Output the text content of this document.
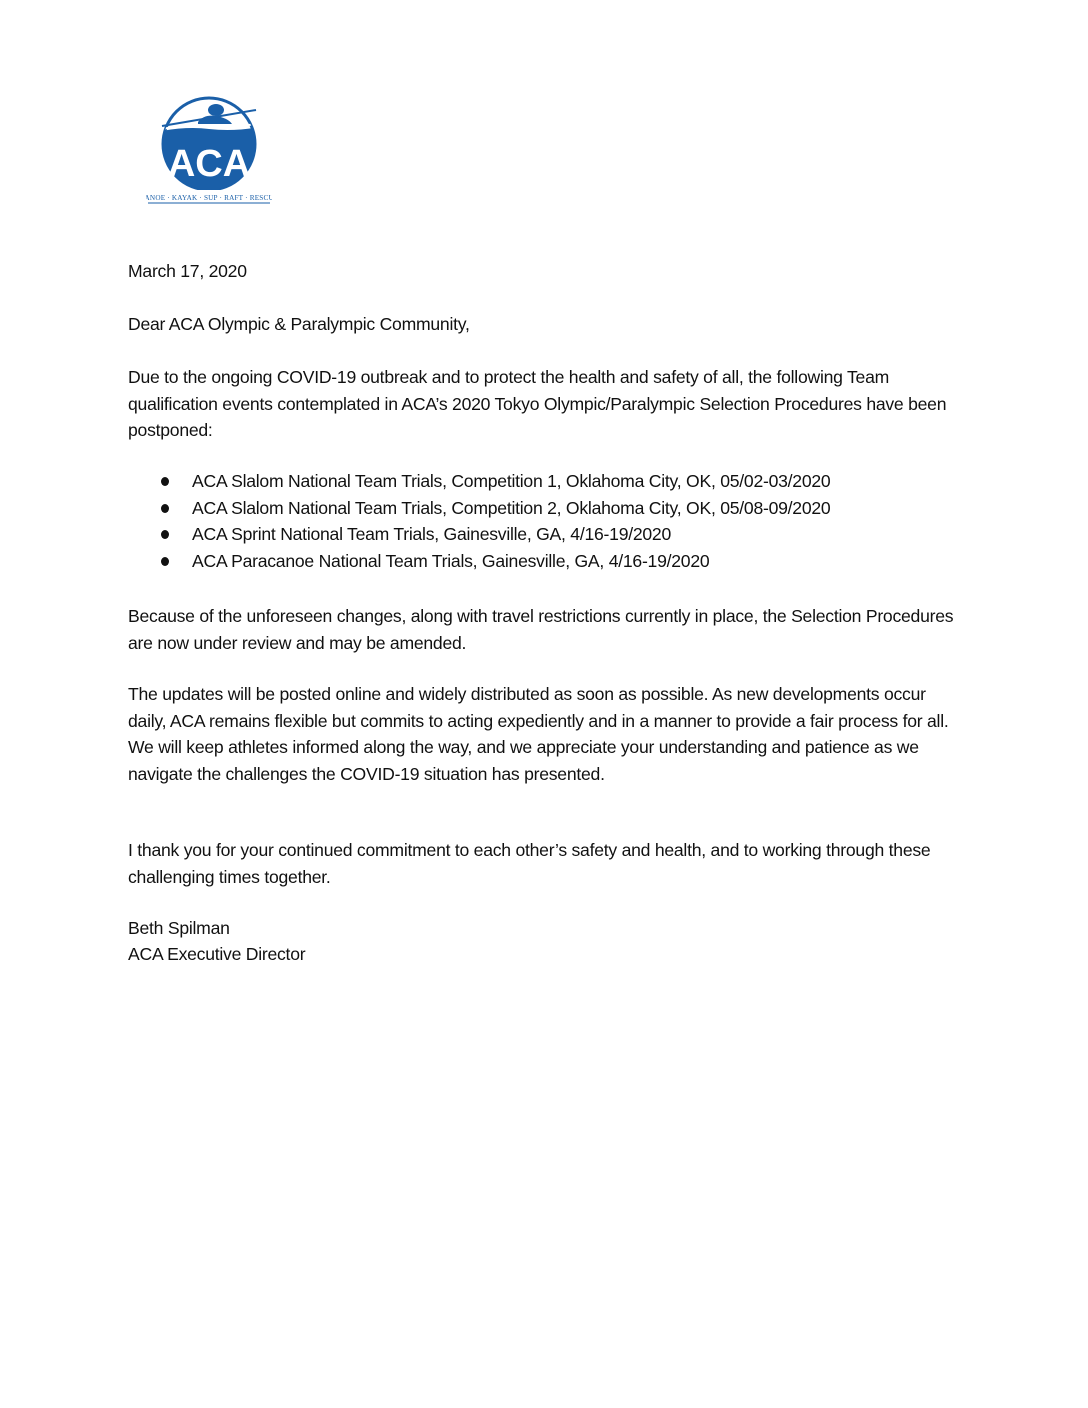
ACA
CANOE · KAYAK · SUP · RAFT · RESCUE

March 17, 2020

Dear ACA Olympic & Paralympic Community,

Due to the ongoing COVID-19 outbreak and to protect the health and safety of all, the following Team qualification events contemplated in ACA’s 2020 Tokyo Olympic/Paralympic Selection Procedures have been postponed:

ACA Slalom National Team Trials, Competition 1, Oklahoma City, OK, 05/02-03/2020
ACA Slalom National Team Trials, Competition 2, Oklahoma City, OK, 05/08-09/2020
ACA Sprint National Team Trials, Gainesville, GA, 4/16-19/2020
ACA Paracanoe National Team Trials, Gainesville, GA, 4/16-19/2020

Because of the unforeseen changes, along with travel restrictions currently in place, the Selection Procedures are now under review and may be amended.

The updates will be posted online and widely distributed as soon as possible. As new developments occur daily, ACA remains flexible but commits to acting expediently and in a manner to provide a fair process for all. We will keep athletes informed along the way, and we appreciate your understanding and patience as we navigate the challenges the COVID-19 situation has presented.

I thank you for your continued commitment to each other’s safety and health, and to working through these challenging times together.

Beth Spilman

ACA Executive Director
